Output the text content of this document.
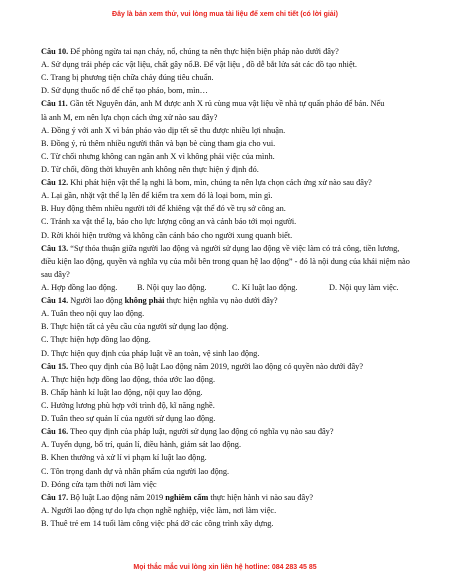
Đây là bản xem thử, vui lòng mua tài liệu để xem chi tiết (có lời giải)
Câu 10. Để phòng ngừa tai nạn cháy, nổ, chúng ta nên thực hiện biện pháp nào dưới đây?
A. Sử dụng trái phép các vật liệu, chất gây nổ. B. Để vật liệu , đồ dễ bắt lửa sát các đồ tạo nhiệt.
C. Trang bị phương tiện chữa cháy đúng tiêu chuẩn.
D. Sử dụng thuốc nổ để chế tạo pháo, bom, mìn…
Câu 11. Gần tết Nguyên đán, anh M được anh X rủ cùng mua vật liệu về nhà tự quấn pháo để bán. Nếu
là anh M, em nên lựa chọn cách ứng xử nào sau đây?
A. Đồng ý với anh X vì bán pháo vào dịp tết sẽ thu được nhiều lợi nhuận.
B. Đồng ý, rủ thêm nhiều người thân và bạn bè cùng tham gia cho vui.
C. Từ chối nhưng không can ngăn anh X vì không phải việc của mình.
D. Từ chối, đồng thời khuyên anh không nên thực hiện ý định đó.
Câu 12. Khi phát hiện vật thể lạ nghi là bom, mìn, chúng ta nên lựa chọn cách ứng xử nào sau đây?
A. Lại gần, nhặt vật thể lạ lên để kiểm tra xem đó là loại bom, mìn gì.
B. Huy động thêm nhiều người tới để khiêng vật thể đó về trụ sở công an.
C. Tránh xa vật thể lạ, báo cho lực lượng công an và cảnh báo tới mọi người.
D. Rời khỏi hiện trường và không cần cảnh báo cho người xung quanh biết.
Câu 13. “Sự thỏa thuận giữa người lao động và người sử dụng lao động về việc làm có trả công, tiền lương, điều kiện lao động, quyền và nghĩa vụ của mỗi bên trong quan hệ lao động” - đó là nội dung của khái niệm nào sau đây?
A. Hợp đồng lao động.	B. Nội quy lao động.	C. Kỉ luật lao động.	D. Nội quy làm việc.
Câu 14. Người lao động không phải thực hiện nghĩa vụ nào dưới đây?
A. Tuân theo nội quy lao động.
B. Thực hiện tất cả yêu cầu của người sử dụng lao động.
C. Thực hiện hợp đồng lao động.
D. Thực hiện quy định của pháp luật về an toàn, vệ sinh lao động.
Câu 15. Theo quy định của Bộ luật Lao động năm 2019, người lao động có quyền nào dưới đây?
A. Thực hiện hợp đồng lao động, thỏa ước lao động.
B. Chấp hành kỉ luật lao động, nội quy lao động.
C. Hưởng lương phù hợp với trình độ, kĩ năng nghề.
D. Tuân theo sự quản lí của người sử dụng lao động.
Câu 16. Theo quy định của pháp luật, người sử dụng lao động có nghĩa vụ nào sau đây?
A. Tuyển dụng, bố trí, quản lí, điều hành, giám sát lao động.
B. Khen thưởng và xử lí vi phạm kỉ luật lao động.
C. Tôn trọng danh dự và nhân phẩm của người lao động.
D. Đóng cửa tạm thời nơi làm việc
Câu 17. Bộ luật Lao động năm 2019 nghiêm cấm thực hiện hành vi nào sau đây?
A. Người lao động tự do lựa chọn nghề nghiệp, việc làm, nơi làm việc.
B. Thuê trẻ em 14 tuổi làm công việc phá dỡ các công trình xây dựng.
Mọi thắc mắc vui lòng xin liên hệ hotline: 084 283 45 85
